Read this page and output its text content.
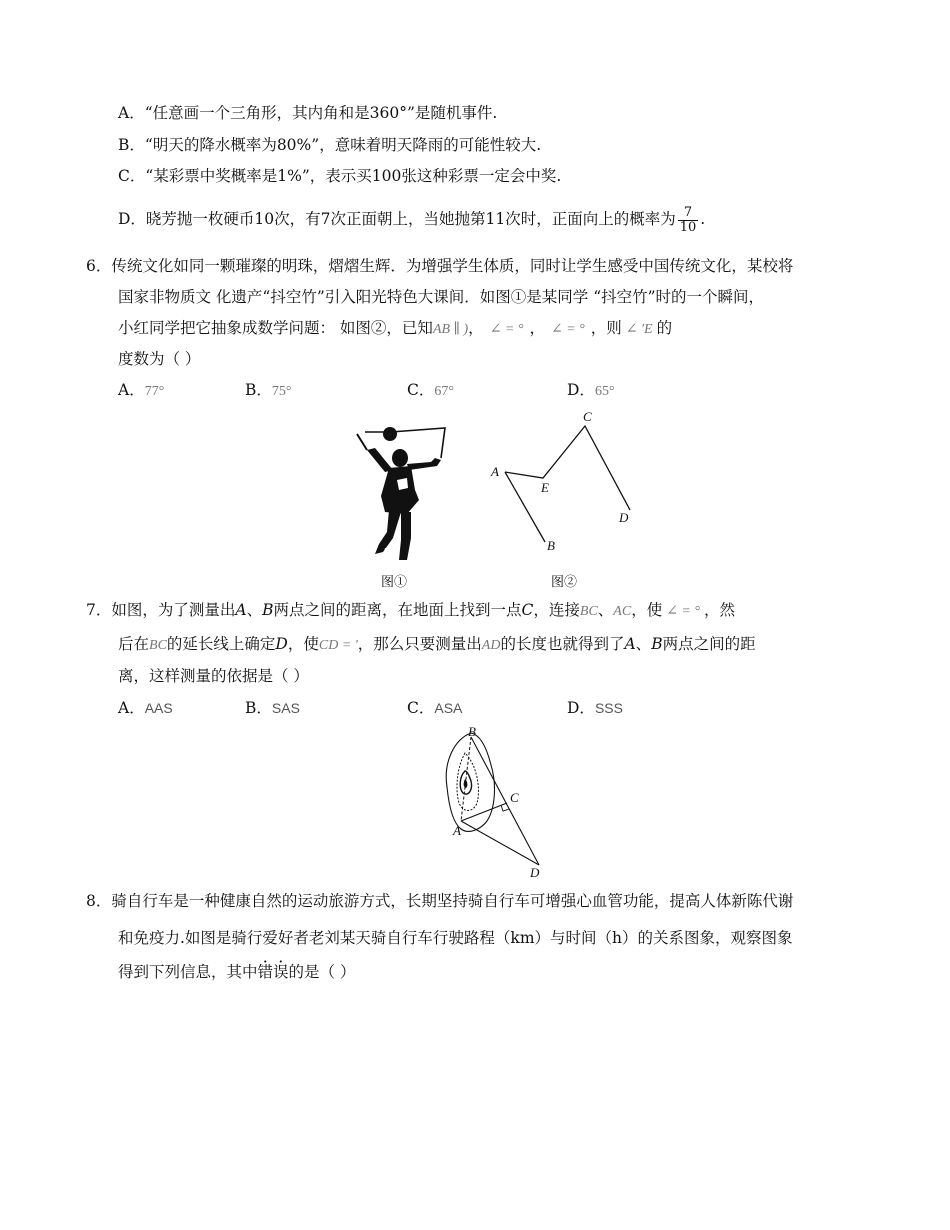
A．“任意画一个三角形，其内角和是360°”是随机事件.
B．“明天的降水概率为80%”，意味着明天降雨的可能性较大.
C．“某彩票中奖概率是1%”，表示买100张这种彩票一定会中奖.
D．晓芳抛一枚硬币10次，有7次正面朝上，当她抛第11次时，正面向上的概率为 $\frac{7}{10}$ .
6．传统文化如同一颗璀璨的明珠，熠熠生辉．为增强学生体质，同时让学生感受中国传统文化，某校将
国家非物质文 化遗产“抖空竹”引入阳光特色大课间．如图①是某同学 “抖空竹”时的一个瞬间，
小红同学把它抽象成数学问题： 如图②，已知AB ∥ )， ∠ = ° ， ∠ = ° ，则 ∠ 'E 的
度数为（ ）
A．77°	B．75°	C．67°	D．65°
图①
A
B
C
D
E
图②
7．如图，为了测量出A、B两点之间的距离，在地面上找到一点C，连接BC、AC，使 ∠ = ° ，然
后在BC的延长线上确定D，使CD = '，那么只要测量出AD的长度也就得到了A、B两点之间的距
离，这样测量的依据是（ ）
A．AAS	B．SAS	C．ASA	D．SSS
B
C
A
D
8．骑自行车是一种健康自然的运动旅游方式，长期坚持骑自行车可增强心血管功能，提高人体新陈代谢
和免疫力.如图是骑行爱好者老刘某天骑自行车行驶路程（km）与时间（h）的关系图象，观察图象
得到下列信息，其中错误的是（ ）
